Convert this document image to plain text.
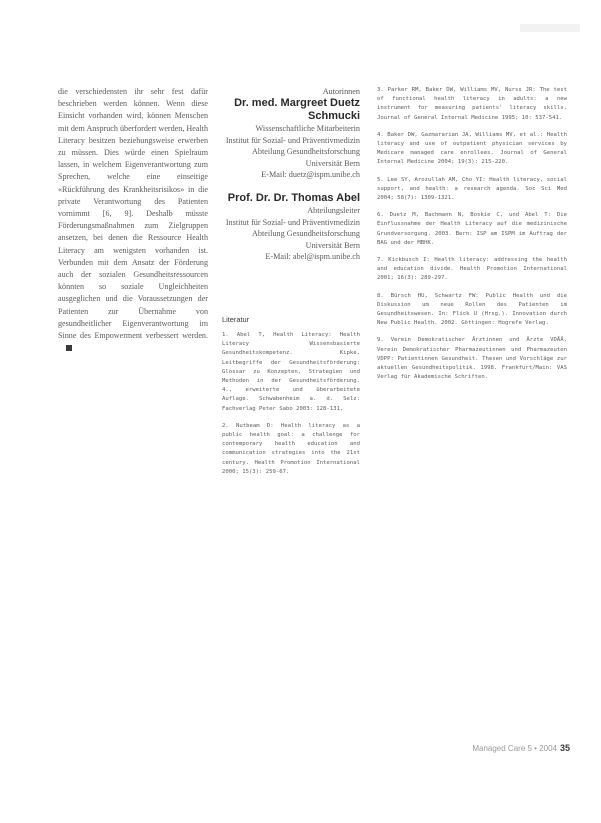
die verschiedensten ihr sehr fest dafür beschrieben werden können. Wenn diese Einsicht vorhanden wird, können Menschen mit dem Anspruch überfordert werden, Health Literacy besitzen beziehungsweise erwerben zu müssen. Dies würde einen Spielraum lassen, in welchem Eigenverantwortung zum Sprechen, welche eine einseitige «Rückführung des Krankheitsrisikos» in die private Verantwortung des Patienten vornimmt [6, 9]. Deshalb müsste Förderungsmaßnahmen zum Zielgruppen ansetzen, bei denen die Ressource Health Literacy am wenigsten vorhanden ist. Verbunden mit dem Ansatz der Förderung auch der sozialen Gesundheitsressourcen könnten so soziale Ungleichheiten ausgeglichen und die Voraussetzungen der Patienten zur Übernahme von gesundheitlicher Eigenverantwortung im Sinne des Empowerment verbessert werden.

Autorinnen

Dr. med. Margreet Duetz Schmucki

Wissenschaftliche Mitarbeiterin

Institut für Sozial- und Präventivmedizin

Abteilung Gesundheitsforschung

Universität Bern

E-Mail: duetz@ispm.unibe.ch

Prof. Dr. Dr. Thomas Abel

Abteilungsleiter

Institut für Sozial- und Präventivmedizin

Abteilung Gesundheitsforschung

Universität Bern

E-Mail: abel@ispm.unibe.ch

Literatur

1. Abel T, Health Literacy: Health Literacy Wissensbasierte Gesundheitskompetenz. Kipke, Leitbegriffe der Gesundheitsförderung: Glossar zu Konzepten, Strategien und Methoden in der Gesundheitsförderung. 4., erweiterte und überarbeitete Auflage. Schwabenheim a. d. Selz: Fachverlag Peter Sabo 2003: 128-131.

2. Nutbeam D: Health literacy as a public health goal: a challenge for contemporary health education and communication strategies into the 21st century. Health Promotion International 2000; 15(3): 259-67.

3. Parker RM, Baker DW, Williams MV, Nurss JR: The test of functional health literacy in adults: a new instrument for measuring patients' literacy skills. Journal of General Internal Medicine 1995; 10: 537-541.

4. Baker DW, Gazmararian JA, Williams MV, et al.: Health literacy and use of outpatient physician services by Medicare managed care enrollees. Journal of General Internal Medicine 2004; 19(3): 215-220.

5. Lee SY, Arozullah AM, Cho YI: Health literacy, social support, and health: a research agenda. Soc Sci Med 2004; 58(7): 1309-1321.

6. Duetz M, Bachmann N, Boskie C, und Abel T: Die Einflussnahme der Health Literacy auf die medizinische Grundversorgung. 2003. Bern: ISP am ISPM im Auftrag der BAG und der MBHK.

7. Kickbusch I: Health literacy: addressing the health and education divide. Health Promotion International 2001; 16(3): 289-297.

8. Bürsch HU, Schwartz FW: Public Health und die Diskussion um neue Rollen des Patienten im Gesundheitswesen. In: Flick U (Hrsg.). Innovation durch New Public Health. 2002. Göttingen: Hogrefe Verlag.

9. Verein Demokratischer Ärztinnen und Ärzte VDÄÄ, Verein Demokratischer Pharmazeutinnen und Pharmazeuten VDPP: Patientinnen Gesundheit. Thesen und Vorschläge zur aktuellen Gesundheitspolitik. 1998. Frankfurt/Main: VAS Verlag für Akademische Schriften.

Managed Care 5 • 2004 35
